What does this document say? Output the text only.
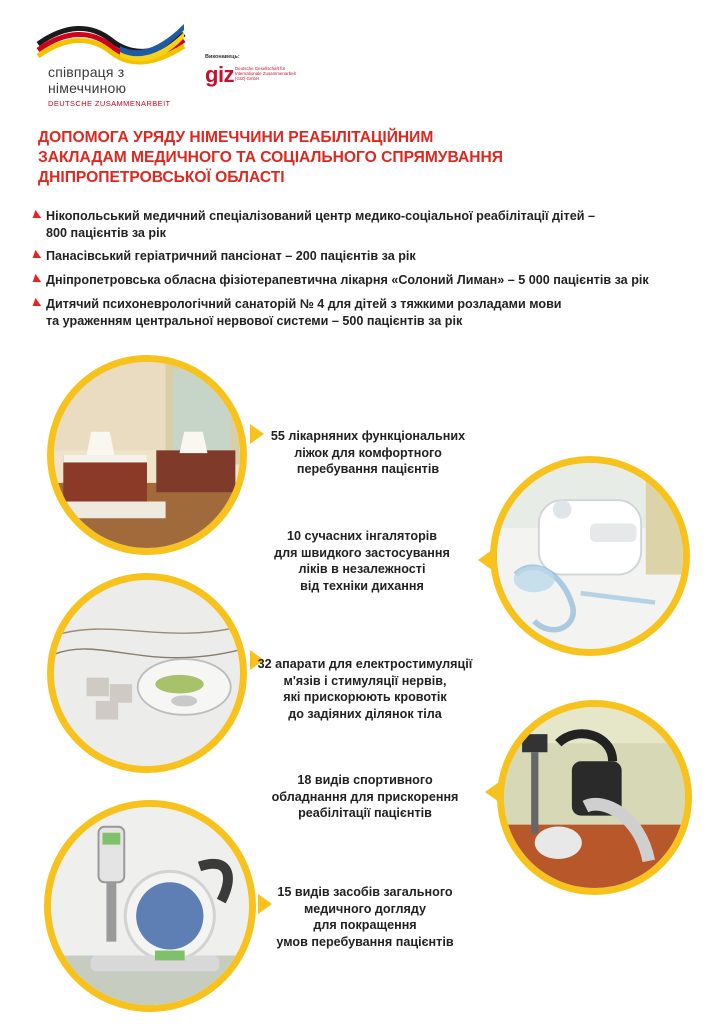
співпраця з
німеччиною
DEUTSCHE ZUSAMMENARBEIT
Виконавець:
giz Deutsche Gesellschaft für Internationale Zusammenarbeit (GIZ) GmbH
ДОПОМОГА УРЯДУ НІМЕЧЧИНИ РЕАБІЛІТАЦІЙНИМ
ЗАКЛАДАМ МЕДИЧНОГО ТА СОЦІАЛЬНОГО СПРЯМУВАННЯ
ДНІПРОПЕТРОВСЬКОЇ ОБЛАСТІ
Нікопольський медичний спеціалізований центр медико-соціальної реабілітації дітей –
800 пацієнтів за рік
Панасівський геріатричний пансіонат – 200 пацієнтів за рік
Дніпропетровська обласна фізіотерапевтична лікарня «Солоний Лиман» – 5 000 пацієнтів за рік
Дитячий психоневрологічний санаторій № 4 для дітей з тяжкими розладами мови
та ураженням центральної нервової системи – 500 пацієнтів за рік
55 лікарняних функціональних
ліжок для комфортного
перебування пацієнтів
10 сучасних інгаляторів
для швидкого застосування
ліків в незалежності
від техніки дихання
32 апарати для електростимуляції
м'язів і стимуляції нервів,
які прискорюють кровотік
до задіяних ділянок тіла
18 видів спортивного
обладнання для прискорення
реабілітації пацієнтів
15 видів засобів загального
медичного догляду
для покращення
умов перебування пацієнтів
